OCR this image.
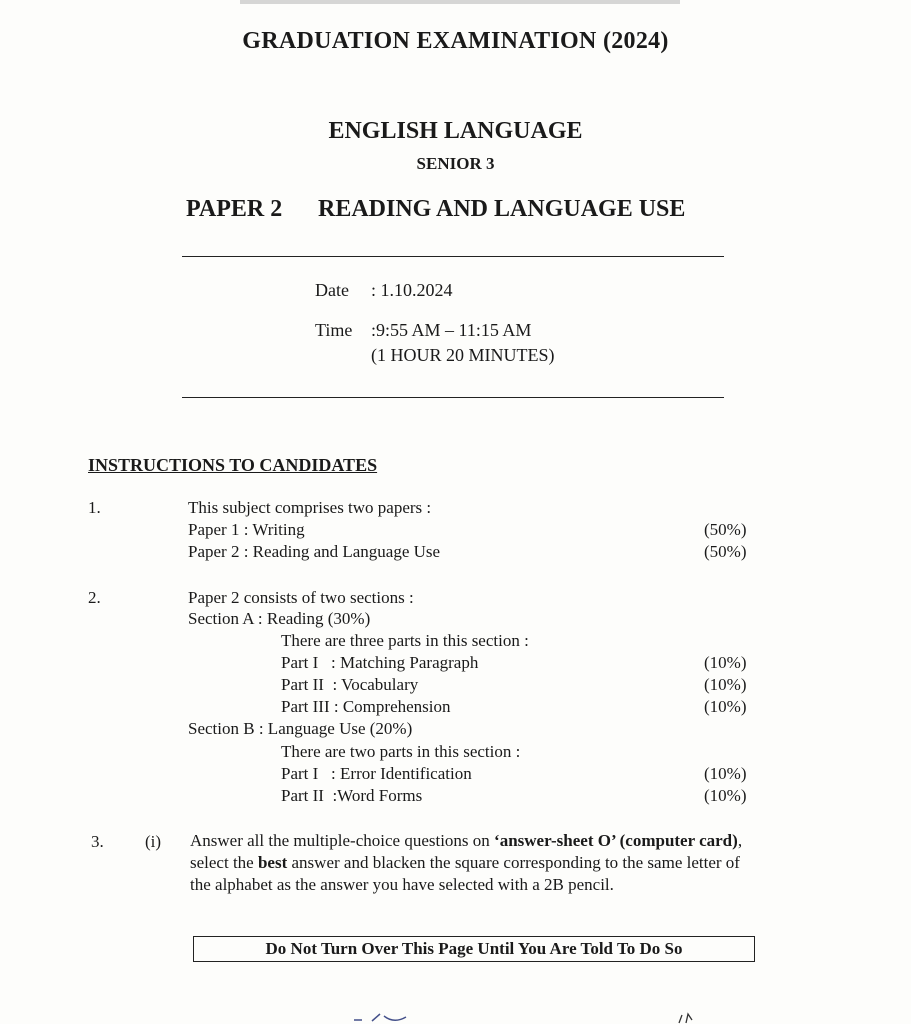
GRADUATION EXAMINATION (2024)
ENGLISH LANGUAGE
SENIOR 3
PAPER 2 READING AND LANGUAGE USE
Date : 1.10.2024
Time :9:55 AM – 11:15 AM
(1 HOUR 20 MINUTES)
INSTRUCTIONS TO CANDIDATES
1.	This subject comprises two papers :
Paper 1 : Writing	(50%)
Paper 2 : Reading and Language Use	(50%)
2.	Paper 2 consists of two sections :
Section A : Reading (30%)
There are three parts in this section :
Part I   : Matching Paragraph	(10%)
Part II  : Vocabulary	(10%)
Part III : Comprehension	(10%)
Section B : Language Use (20%)
There are two parts in this section :
Part I   : Error Identification	(10%)
Part II  :Word Forms	(10%)
3. (i) Answer all the multiple-choice questions on ‘answer-sheet O’ (computer card),
select the best answer and blacken the square corresponding to the same letter of
the alphabet as the answer you have selected with a 2B pencil.
Do Not Turn Over This Page Until You Are Told To Do So
